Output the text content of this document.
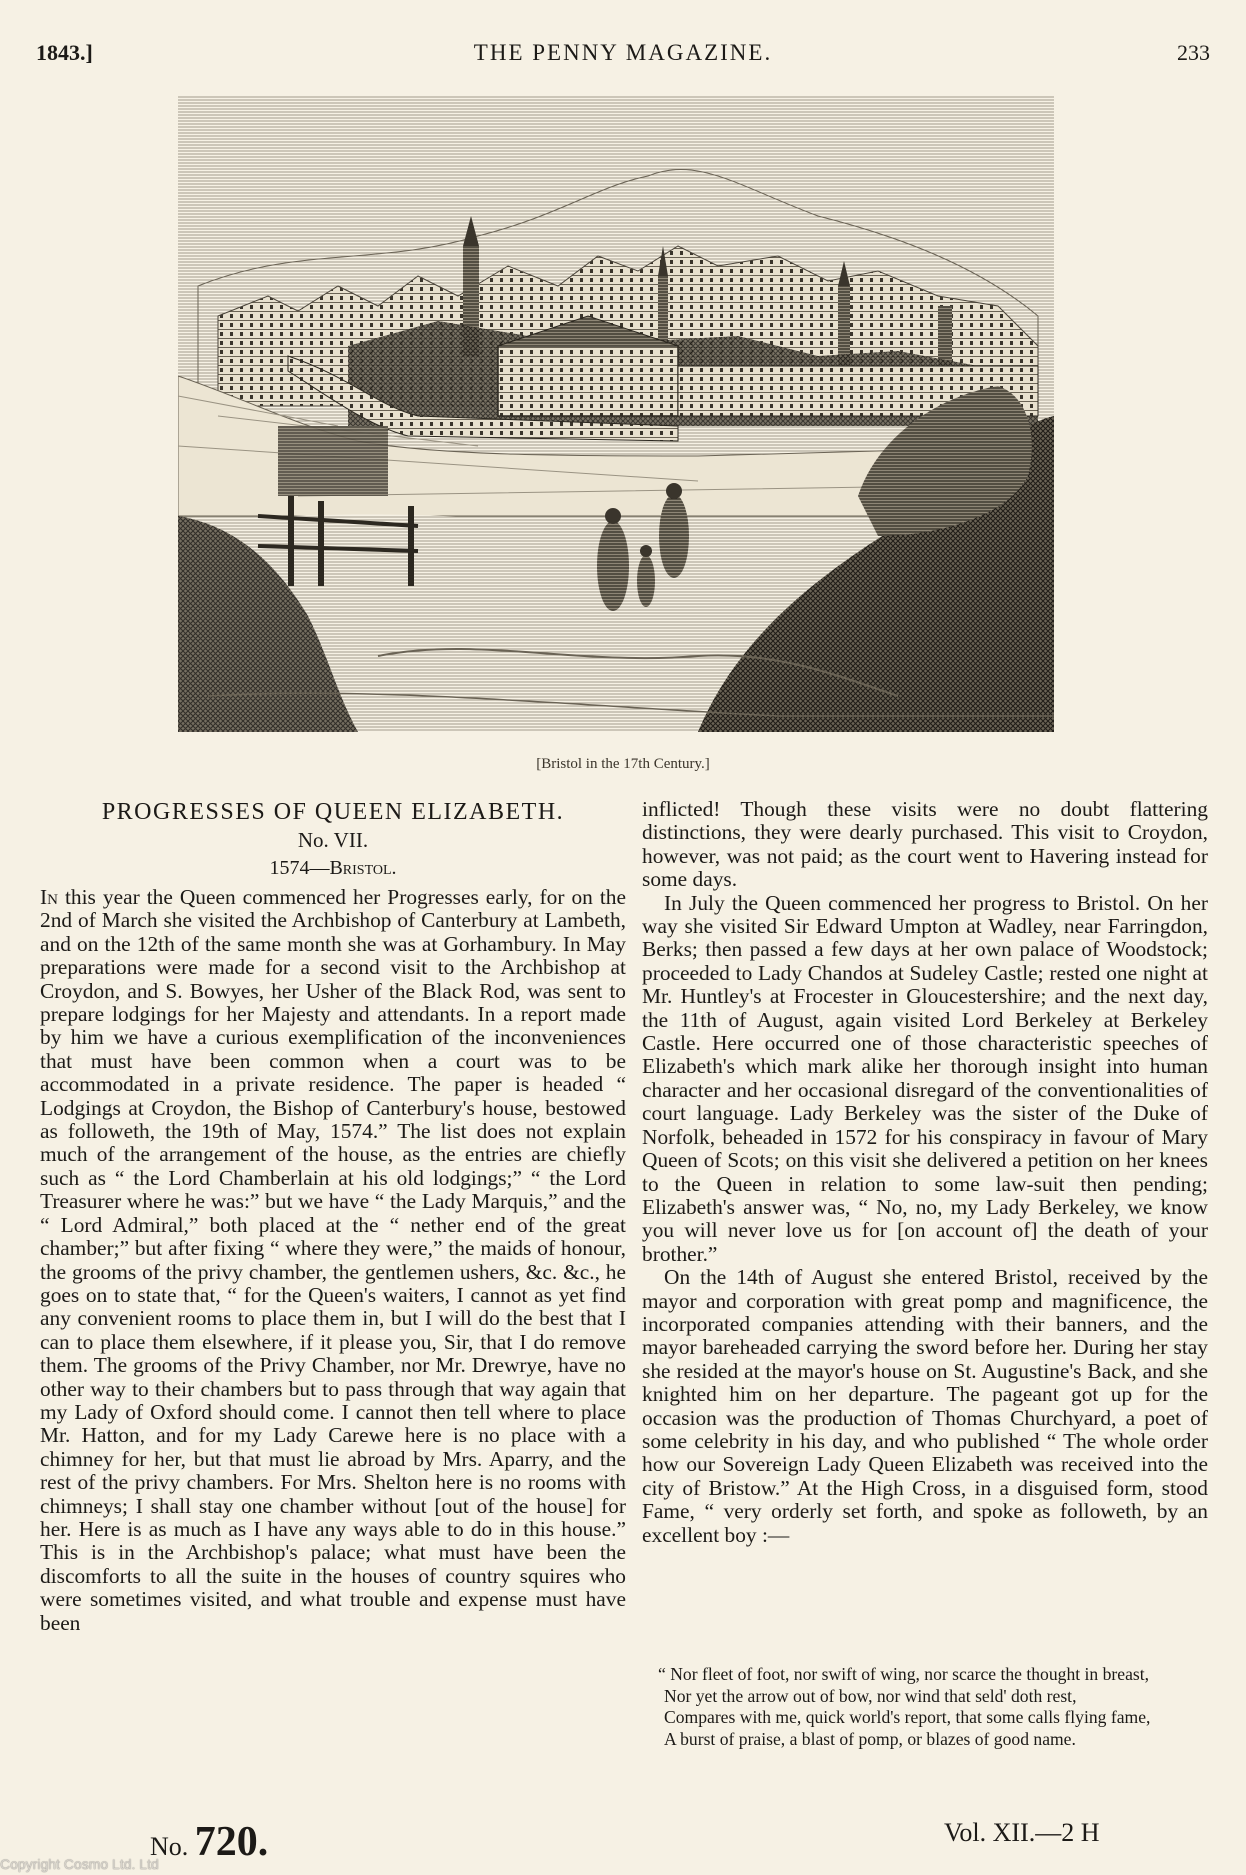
1843.]	THE PENNY MAGAZINE.	233
[Bristol in the 17th Century.]
PROGRESSES OF QUEEN ELIZABETH.
No. VII.
1574—Bristol.

In this year the Queen commenced her Progresses early, for on the 2nd of March she visited the Archbishop of Canterbury at Lambeth, and on the 12th of the same month she was at Gorhambury. In May preparations were made for a second visit to the Archbishop at Croydon, and S. Bowyes, her Usher of the Black Rod, was sent to prepare lodgings for her Majesty and attendants. In a report made by him we have a curious exemplification of the inconveniences that must have been common when a court was to be accommodated in a private residence. The paper is headed “ Lodgings at Croydon, the Bishop of Canterbury's house, bestowed as followeth, the 19th of May, 1574.” The list does not explain much of the arrangement of the house, as the entries are chiefly such as “ the Lord Chamberlain at his old lodgings;” “ the Lord Treasurer where he was:” but we have “ the Lady Marquis,” and the “ Lord Admiral,” both placed at the “ nether end of the great chamber;” but after fixing “ where they were,” the maids of honour, the grooms of the privy chamber, the gentlemen ushers, &c. &c., he goes on to state that, “ for the Queen's waiters, I cannot as yet find any convenient rooms to place them in, but I will do the best that I can to place them elsewhere, if it please you, Sir, that I do remove them. The grooms of the Privy Chamber, nor Mr. Drewrye, have no other way to their chambers but to pass through that way again that my Lady of Oxford should come. I cannot then tell where to place Mr. Hatton, and for my Lady Carewe here is no place with a chimney for her, but that must lie abroad by Mrs. Aparry, and the rest of the privy chambers. For Mrs. Shelton here is no rooms with chimneys; I shall stay one chamber without [out of the house] for her. Here is as much as I have any ways able to do in this house.” This is in the Archbishop's palace; what must have been the discomforts to all the suite in the houses of country squires who were sometimes visited, and what trouble and expense must have been

inflicted! Though these visits were no doubt flattering distinctions, they were dearly purchased. This visit to Croydon, however, was not paid; as the court went to Havering instead for some days.

In July the Queen commenced her progress to Bristol. On her way she visited Sir Edward Umpton at Wadley, near Farringdon, Berks; then passed a few days at her own palace of Woodstock; proceeded to Lady Chandos at Sudeley Castle; rested one night at Mr. Huntley's at Frocester in Gloucestershire; and the next day, the 11th of August, again visited Lord Berkeley at Berkeley Castle. Here occurred one of those characteristic speeches of Elizabeth's which mark alike her thorough insight into human character and her occasional disregard of the conventionalities of court language. Lady Berkeley was the sister of the Duke of Norfolk, beheaded in 1572 for his conspiracy in favour of Mary Queen of Scots; on this visit she delivered a petition on her knees to the Queen in relation to some law-suit then pending; Elizabeth's answer was, “ No, no, my Lady Berkeley, we know you will never love us for [on account of] the death of your brother.”

On the 14th of August she entered Bristol, received by the mayor and corporation with great pomp and magnificence, the incorporated companies attending with their banners, and the mayor bareheaded carrying the sword before her. During her stay she resided at the mayor's house on St. Augustine's Back, and she knighted him on her departure. The pageant got up for the occasion was the production of Thomas Churchyard, a poet of some celebrity in his day, and who published “ The whole order how our Sovereign Lady Queen Elizabeth was received into the city of Bristow.” At the High Cross, in a disguised form, stood Fame, “ very orderly set forth, and spoke as followeth, by an excellent boy :—

“ Nor fleet of foot, nor swift of wing, nor scarce the thought in breast,
Nor yet the arrow out of bow, nor wind that seld' doth rest,
Compares with me, quick world's report, that some calls flying fame,
A burst of praise, a blast of pomp, or blazes of good name.
No. 720.	Vol. XII.—2 H
Copyright Cosmo Ltd. Ltd
